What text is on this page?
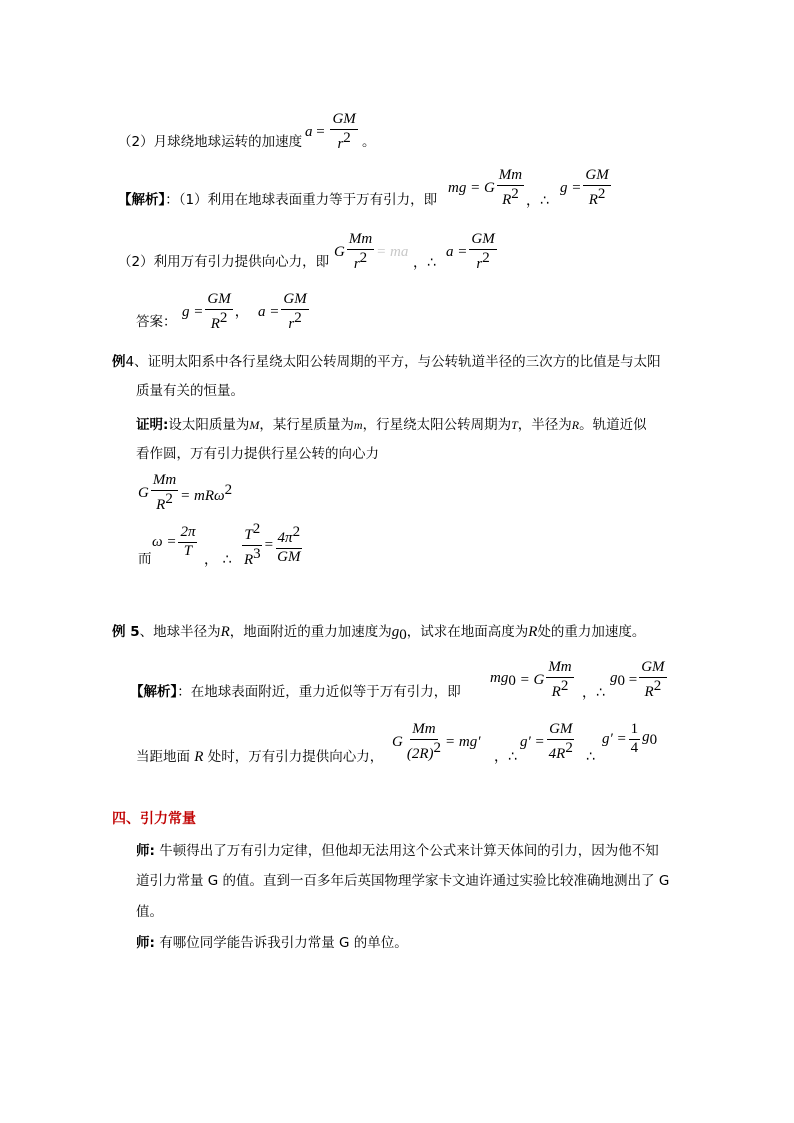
（2）月球绕地球运转的加速度
$a = \frac{GM}{r^2}$ 。
【解析】：（1）利用在地球表面重力等于万有引力，即
mg = G
Mm
$R^2$ ，∴
$g = \frac{GM}{R^2}$
（2）利用万有引力提供向心力，即
G $\frac{Mm}{r^2}$ = ma
，∴
$a = \frac{GM}{r^2}$
答案：
$g = \frac{GM}{R^2}$ ， $a = \frac{GM}{r^2}$
例4、证明太阳系中各行星绕太阳公转周期的平方，与公转轨道半径的三次方的比值是与太阳
质量有关的恒量。
证明:设太阳质量为M，某行星质量为m，行星绕太阳公转周期为T，半径为R。轨道近似
看作圆，万有引力提供行星公转的向心力
G $\frac{Mm}{R^2} = mR\omega^2$
而
$\omega = \frac{2\pi}{T}$
， ∴ $\frac{T^2}{R^3} = \frac{4\pi^2}{GM}$
例 5、地球半径为R，地面附近的重力加速度为$g_0$，试求在地面高度为R处的重力加速度。
【解析】：在地球表面附近，重力近似等于万有引力，即
$mg_0 = G$
Mm
$R^2$ ，∴
$g_0 = \frac{GM}{R^2}$
当距地面 R 处时，万有引力提供向心力，
G $\frac{Mm}{(2R)^2} = mg'$
，∴
$g' = \frac{GM}{4R^2}$ ∴
$g' = \frac{1}{4} g_0$
四、引力常量
师: 牛顿得出了万有引力定律，但他却无法用这个公式来计算天体间的引力，因为他不知
道引力常量 G 的值。直到一百多年后英国物理学家卡文迪许通过实验比较准确地测出了 G
值。
师: 有哪位同学能告诉我引力常量 G 的单位。
